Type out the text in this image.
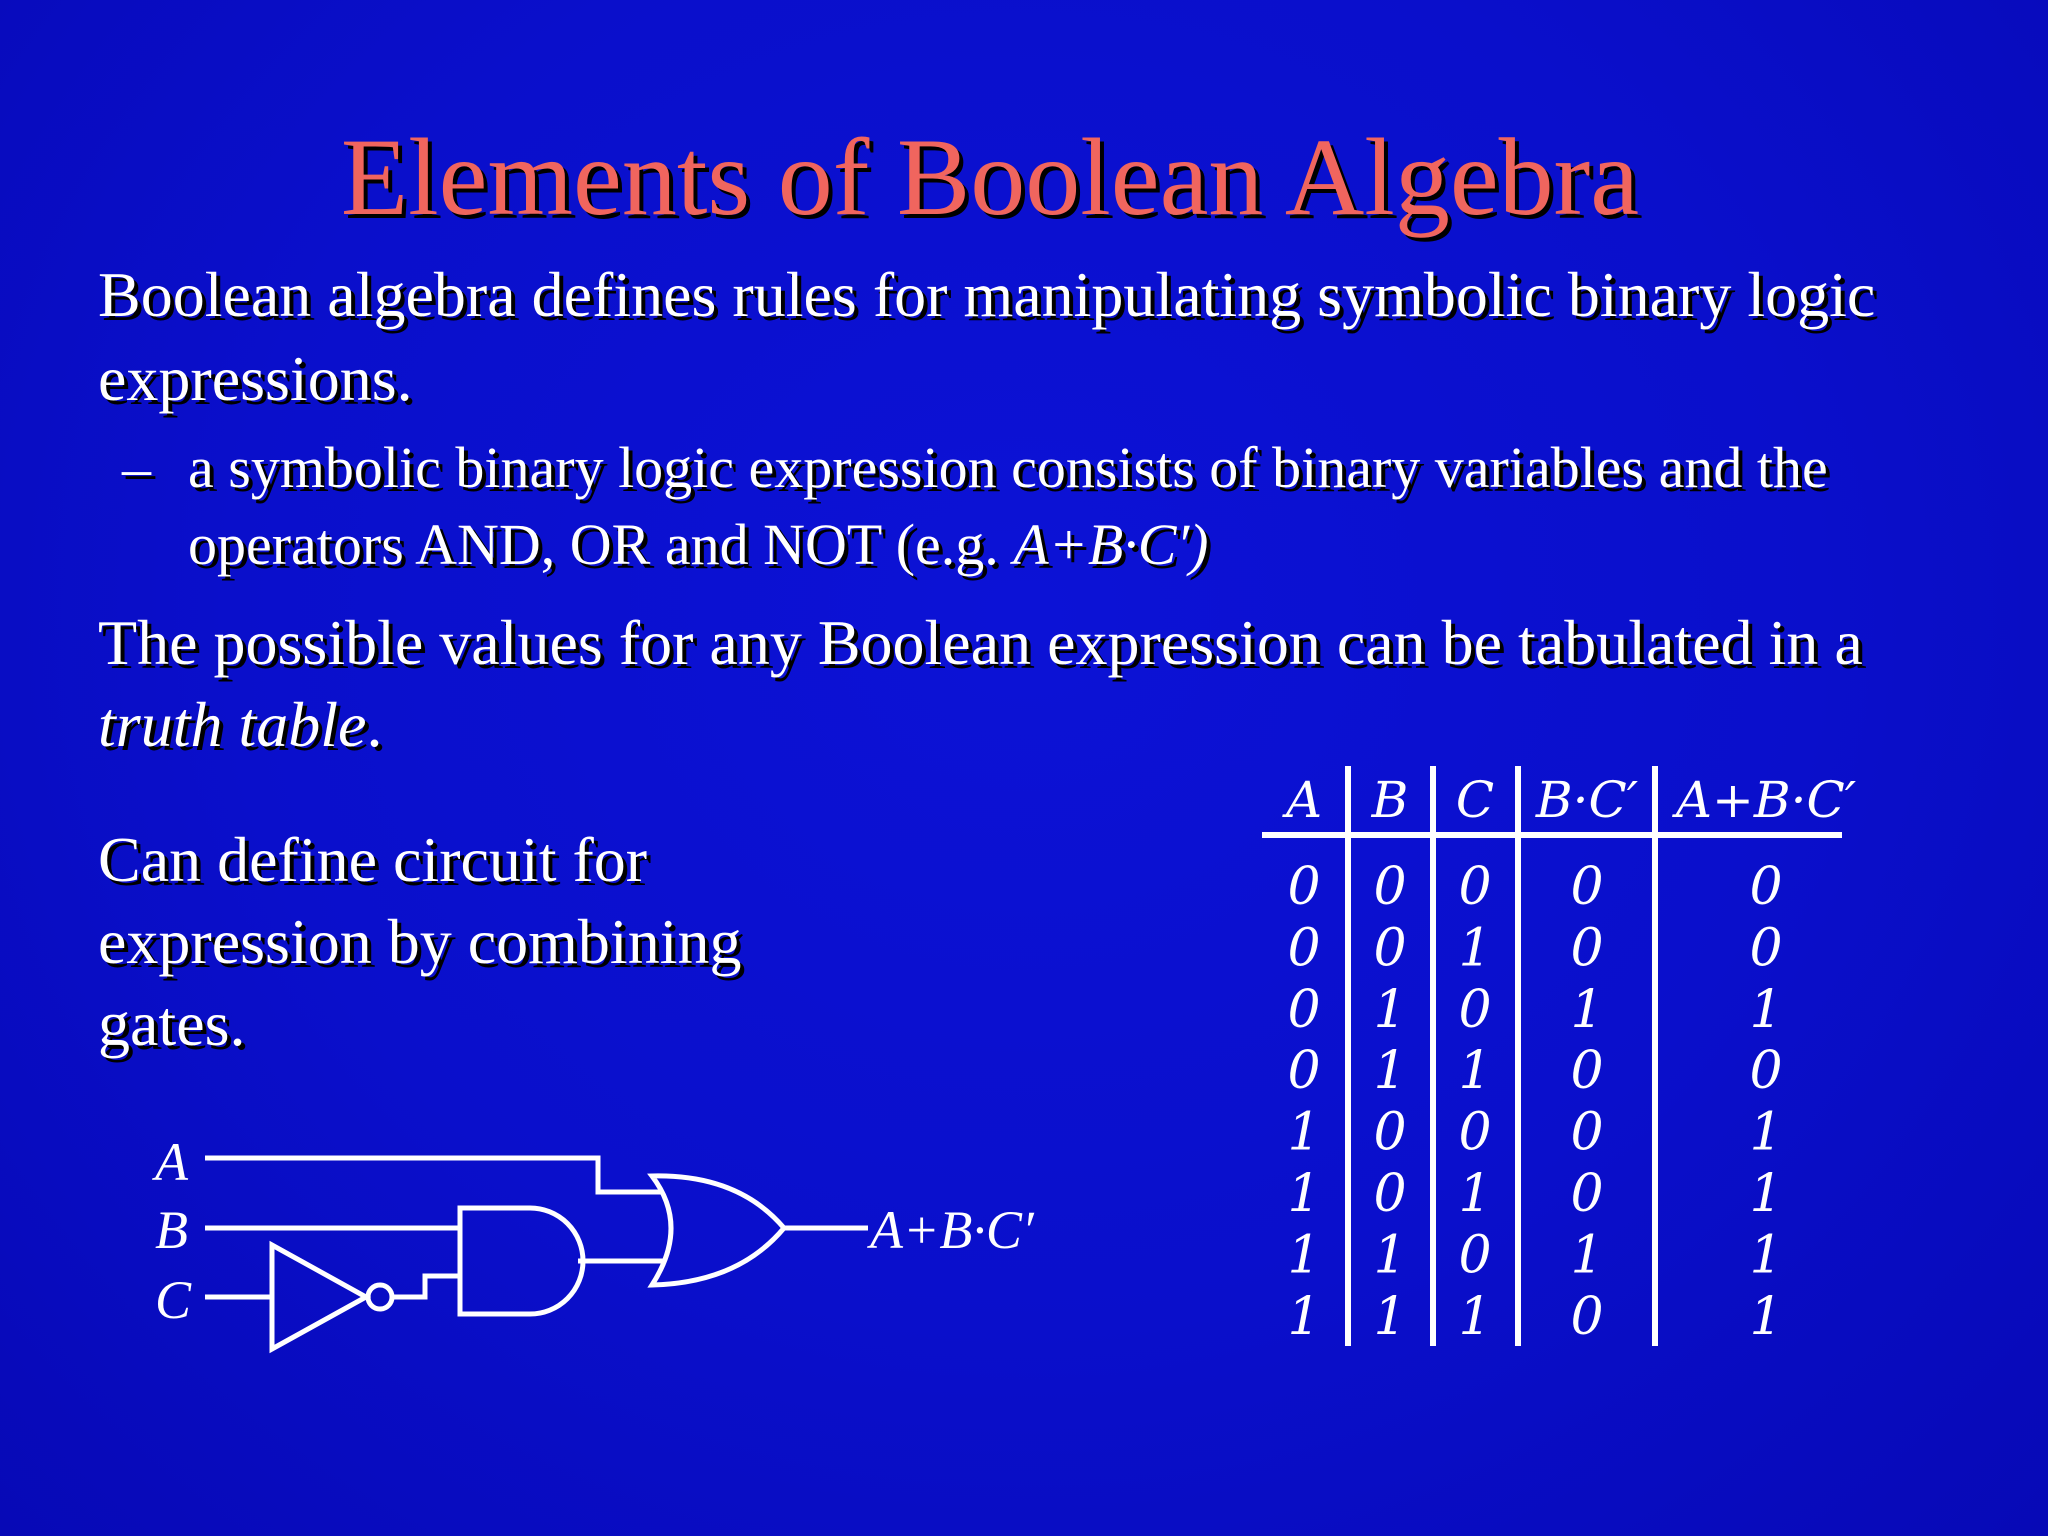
Elements of Boolean Algebra
Boolean algebra defines rules for manipulating symbolic binary logic
expressions.
– a symbolic binary logic expression consists of binary variables and the
operators AND, OR and NOT (e.g. A+B·C′)
The possible values for any Boolean expression can be tabulated in a
truth table.
Can define circuit for
expression by combining
gates.
A
B
C
A+B·C′
A B C B·C′ A+B·C′
0 0 0 0	0
0 0 1 0	0
0 1 0 1	1
0 1 1 0	0
1 0 0 0	1
1 0 1 0	1
1 1 0 1	1
1 1 1 0	1
